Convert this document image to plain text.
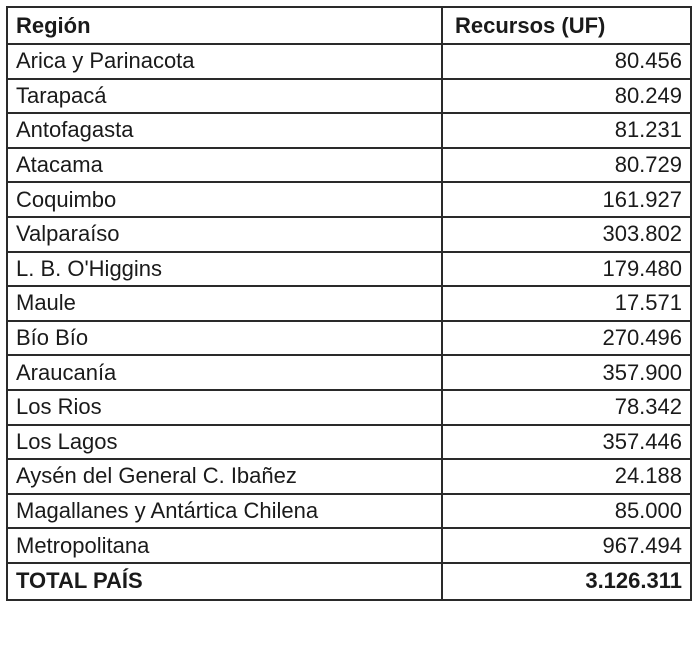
Región	Recursos (UF)
Arica y Parinacota	80.456
Tarapacá	80.249
Antofagasta	81.231
Atacama	80.729
Coquimbo	161.927
Valparaíso	303.802
L. B. O'Higgins	179.480
Maule	17.571
Bío Bío	270.496
Araucanía	357.900
Los Rios	78.342
Los Lagos	357.446
Aysén del General C. Ibañez	24.188
Magallanes y Antártica Chilena	85.000
Metropolitana	967.494
TOTAL PAÍS	3.126.311
